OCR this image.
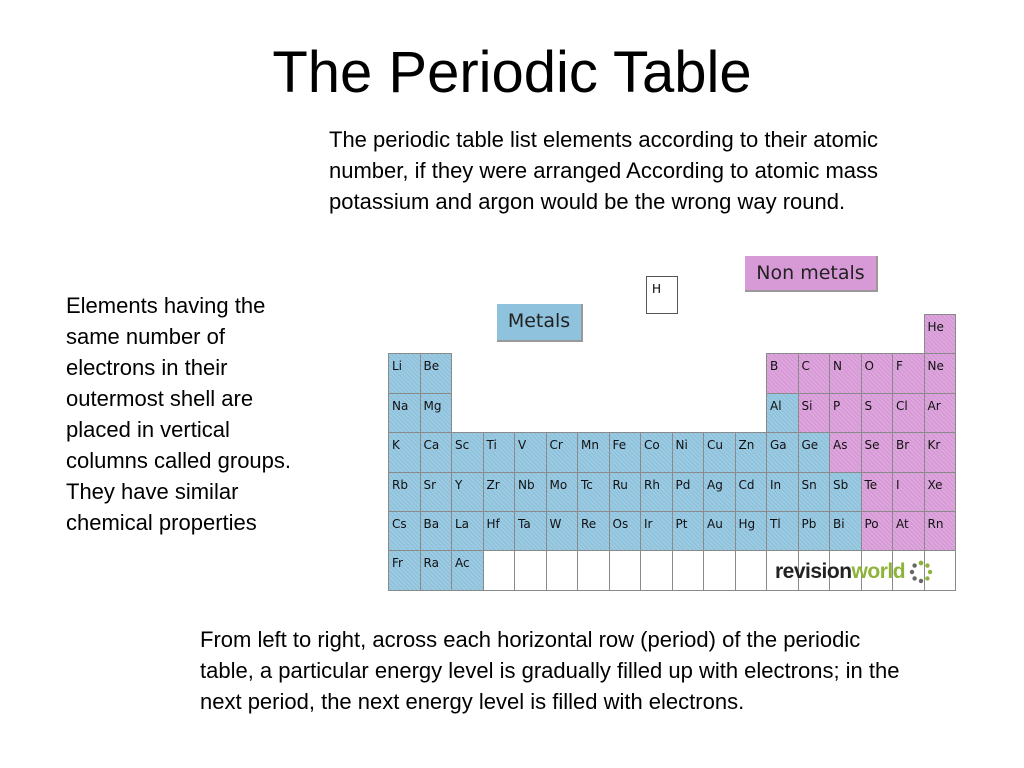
The Periodic Table

The periodic table list elements according to their atomic number, if they were arranged According to atomic mass potassium and argon would be the wrong way round.

Elements having the same number of electrons in their outermost shell are placed in vertical columns called groups. They have similar chemical properties

From left to right, across each horizontal row (period) of the periodic table, a particular energy level is gradually filled up with electrons; in the next period, the next energy level is filled with electrons.

H
Non metals
He
Li	Be	B	C	N	O	F	Ne
Na	Mg	Al	Si	P	S	Cl	Ar
K	Ca	Sc	Ti	V	Cr	Mn	Fe	Co	Ni	Cu	Zn	Ga	Ge	As	Se	Br	Kr
Rb	Sr	Y	Zr	Nb	Mo	Tc	Ru	Rh	Pd	Ag	Cd	In	Sn	Sb	Te	I	Xe
Cs	Ba	La	Hf	Ta	W	Re	Os	Ir	Pt	Au	Hg	Tl	Pb	Bi	Po	At	Rn
Fr	Ra	Ac
Metals
revision world
